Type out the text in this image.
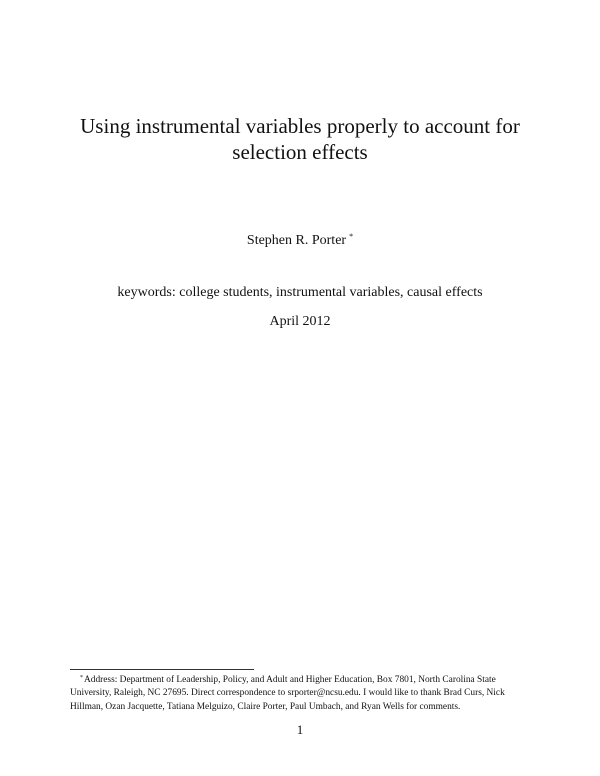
Using instrumental variables properly to account for
selection effects
Stephen R. Porter *
keywords: college students, instrumental variables, causal effects
April 2012

*Address: Department of Leadership, Policy, and Adult and Higher Education, Box 7801, North Carolina State
University, Raleigh, NC 27695. Direct correspondence to srporter@ncsu.edu. I would like to thank Brad Curs, Nick
Hillman, Ozan Jacquette, Tatiana Melguizo, Claire Porter, Paul Umbach, and Ryan Wells for comments.

1
